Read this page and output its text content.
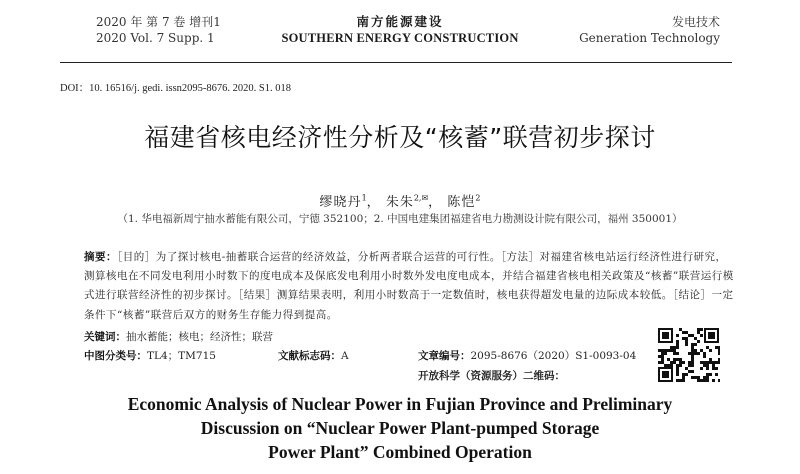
2020 年 第 7 卷 增刊1
2020 Vol. 7 Supp. 1
南方能源建设
SOUTHERN ENERGY CONSTRUCTION
发电技术
Generation Technology
DOI：10. 16516/j. gedi. issn2095-8676. 2020. S1. 018
福建省核电经济性分析及“核蓄”联营初步探讨
缪晓丹$^1$， 朱朱$^{2,✉}$， 陈恺$^2$
（1. 华电福新周宁抽水蓄能有限公司，宁德 352100；2. 中国电建集团福建省电力勘测设计院有限公司，福州 350001）
摘要：［目的］为了探讨核电-抽蓄联合运营的经济效益，分析两者联合运营的可行性。［方法］对福建省核电站运行经济性进行研究，测算核电在不同发电利用小时数下的度电成本及保底发电利用小时数外发电度电成本，并结合福建省核电相关政策及“核蓄”联营运行模式进行联营经济性的初步探讨。［结果］测算结果表明，利用小时数高于一定数值时，核电获得超发电量的边际成本较低。［结论］一定条件下“核蓄”联营后双方的财务生存能力得到提高。
关键词：抽水蓄能；核电；经济性；联营
中图分类号：TL4；TM715	文献标志码：A	文章编号：2095-8676（2020）S1-0093-04
开放科学（资源服务）二维码：
Economic Analysis of Nuclear Power in Fujian Province and Preliminary
Discussion on “Nuclear Power Plant-pumped Storage
Power Plant” Combined Operation
